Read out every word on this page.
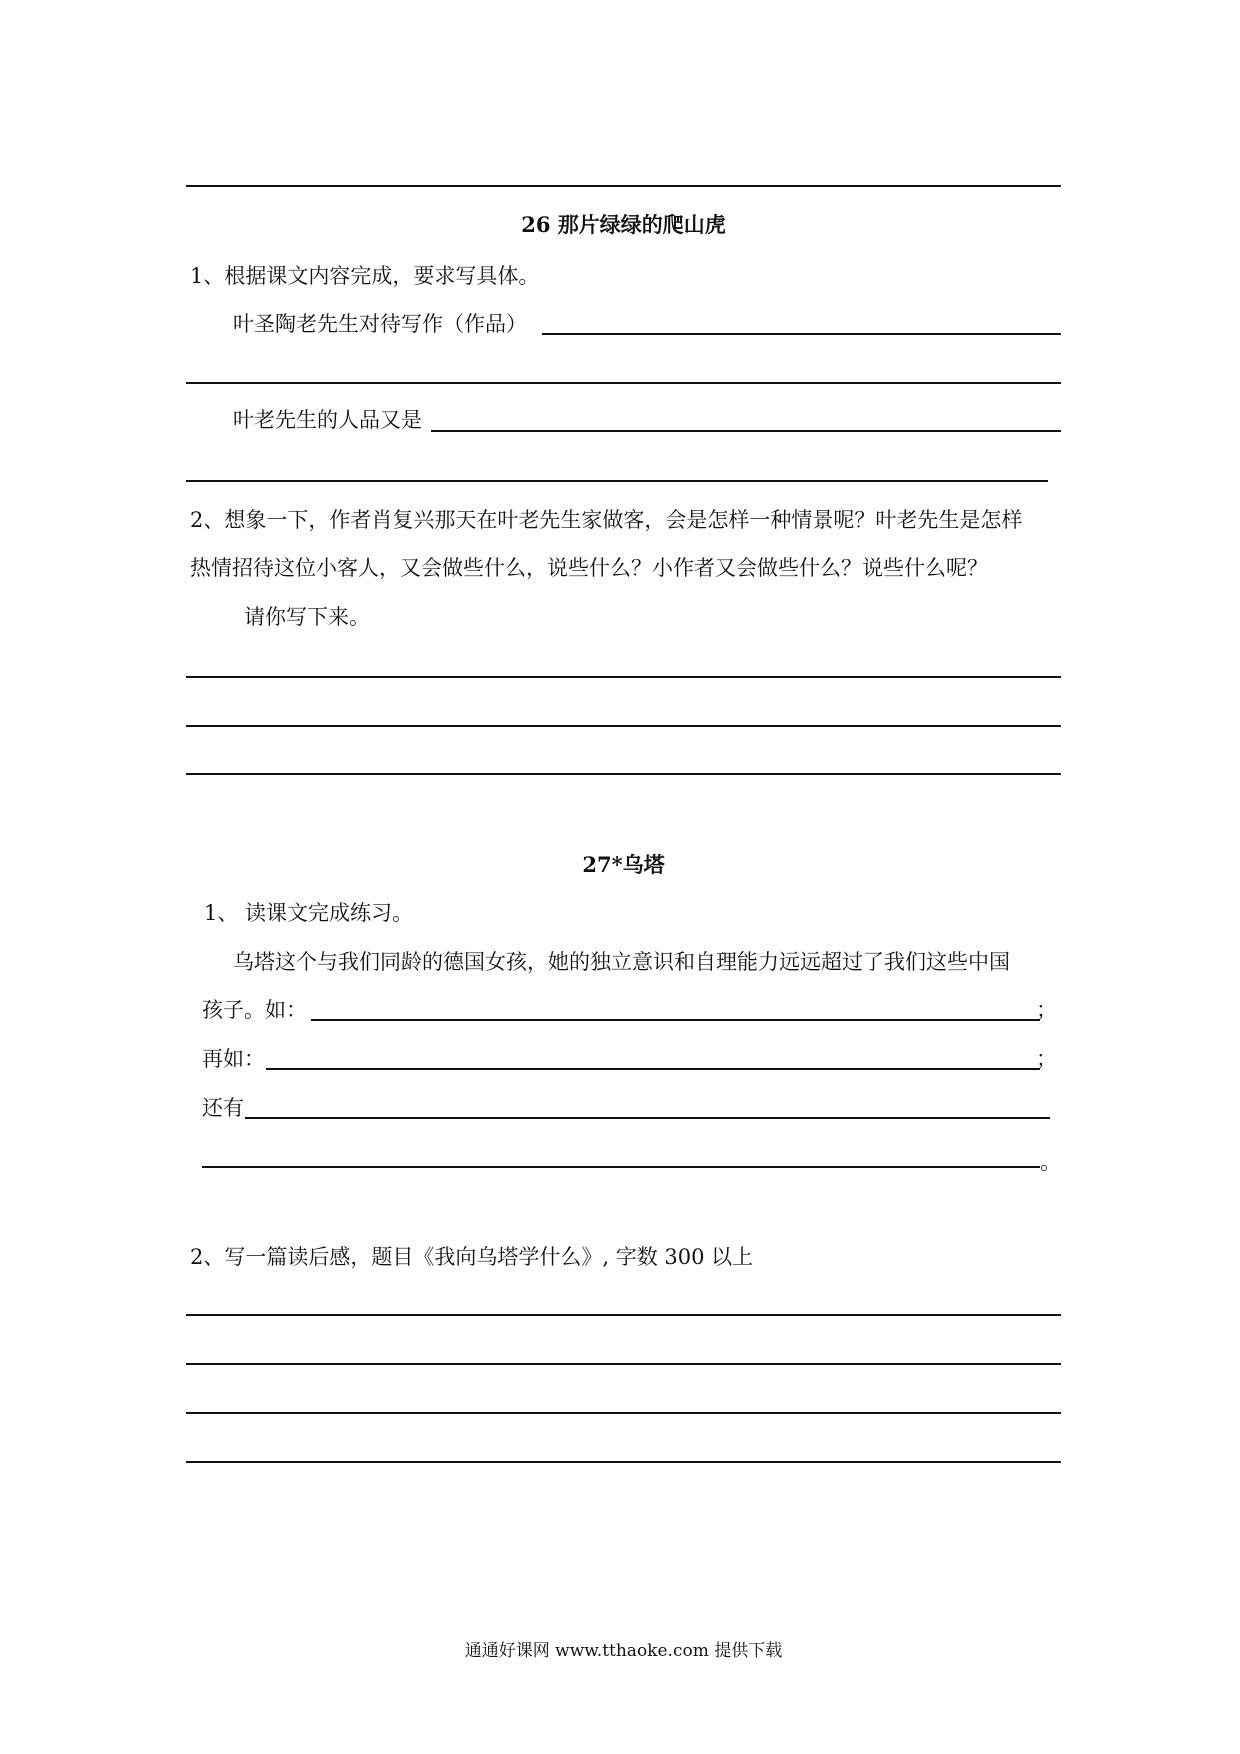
26 那片绿绿的爬山虎
1、根据课文内容完成，要求写具体。
叶圣陶老先生对待写作（作品）
叶老先生的人品又是
2、想象一下，作者肖复兴那天在叶老先生家做客，会是怎样一种情景呢？叶老先生是怎样
热情招待这位小客人，又会做些什么，说些什么？小作者又会做些什么？说些什么呢？
请你写下来。
27*乌塔
1、 读课文完成练习。
乌塔这个与我们同龄的德国女孩，她的独立意识和自理能力远远超过了我们这些中国
孩子。如：	；
再如：	；
还有
。
2、写一篇读后感，题目《我向乌塔学什么》, 字数 300 以上
通通好课网 www.tthaoke.com 提供下载
